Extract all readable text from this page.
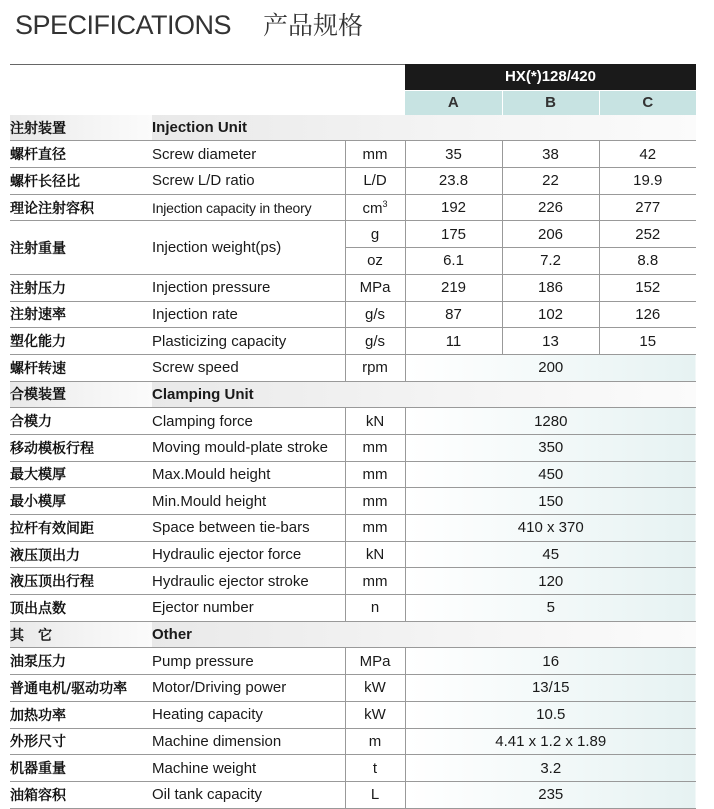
SPECIFICATIONS 产品规格
			HX(*)128/420		
			A	B	C
注射装置	Injection Unit				
螺杆直径	Screw diameter	mm	35	38	42
螺杆长径比	Screw L/D ratio	L/D	23.8	22	19.9
理论注射容积	Injection capacity in theory	$cm^3$	192	226	277
注射重量	Injection weight(ps)	g	175	206	252
		oz	6.1	7.2	8.8
注射压力	Injection pressure	MPa	219	186	152
注射速率	Injection rate	g/s	87	102	126
塑化能力	Plasticizing capacity	g/s	11	13	15
螺杆转速	Screw speed	rpm	200		
合模装置	Clamping Unit				
合模力	Clamping force	kN	1280		
移动模板行程	Moving mould-plate stroke	mm	350		
最大模厚	Max.Mould height	mm	450		
最小模厚	Min.Mould height	mm	150		
拉杆有效间距	Space between tie-bars	mm	410 x 370		
液压顶出力	Hydraulic ejector force	kN	45		
液压顶出行程	Hydraulic ejector stroke	mm	120		
顶出点数	Ejector number	n	5		
其　它	Other				
油泵压力	Pump pressure	MPa	16		
普通电机/驱动功率	Motor/Driving power	kW	13/15		
加热功率	Heating capacity	kW	10.5		
外形尺寸	Machine dimension	m	4.41 x 1.2 x 1.89		
机器重量	Machine weight	t	3.2		
油箱容积	Oil tank capacity	L	235		
